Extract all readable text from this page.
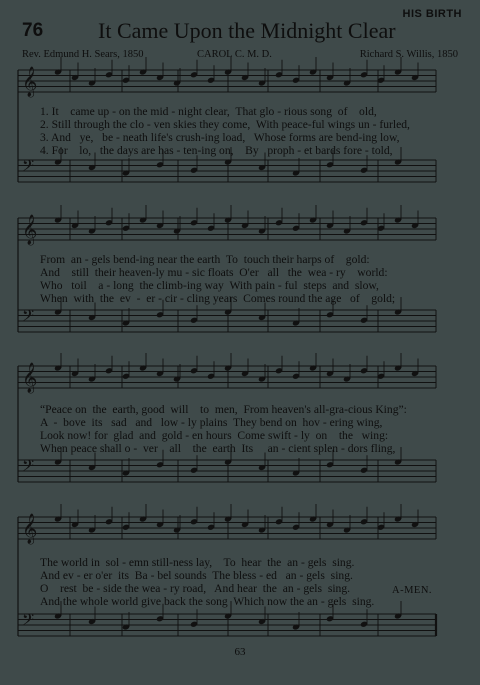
76 It Came Upon the Midnight Clear
HIS BIRTH
Rev. Edmund H. Sears, 1850	CAROL C. M. D.	Richard S. Willis, 1850
𝄞
𝄢
𝄞
𝄢
𝄞
𝄢
𝄞
𝄢
1. It    came up - on the mid - night clear,  That glo - rious song  of    old,
2. Still through the clo - ven skies they come,  With peace-ful wings un - furled,
3. And   ye,   be - neath life's crush-ing load,   Whose forms are bend-ing low,
4. For    lo,   the days are has - ten-ing on,    By   proph - et bards fore - told,
From  an - gels bend-ing near the earth  To  touch their harps of    gold:
And    still  their heaven-ly mu - sic floats  O'er   all   the  wea - ry    world:
Who   toil    a - long  the climb-ing way  With pain - ful  steps  and  slow,
When  with  the  ev  -  er - cir - cling years  Comes round the age   of    gold;
“Peace on  the  earth, good  will    to  men,  From heaven's all-gra-cious King”:
A  -  bove  its   sad   and   low - ly plains  They bend on  hov - ering wing,
Look now! for  glad  and  gold - en hours  Come swift - ly  on    the   wing:
When peace shall o -  ver    all    the  earth  Its     an - cient splen - dors fling,
The world in  sol - emn still-ness lay,    To  hear  the  an - gels  sing.
And ev - er o'er  its  Ba - bel sounds  The bless - ed   an - gels  sing.
O    rest  be - side the wea - ry road,   And hear  the  an - gels  sing.
And the whole world give back the song  Which now the an - gels  sing.
A-MEN.
63
